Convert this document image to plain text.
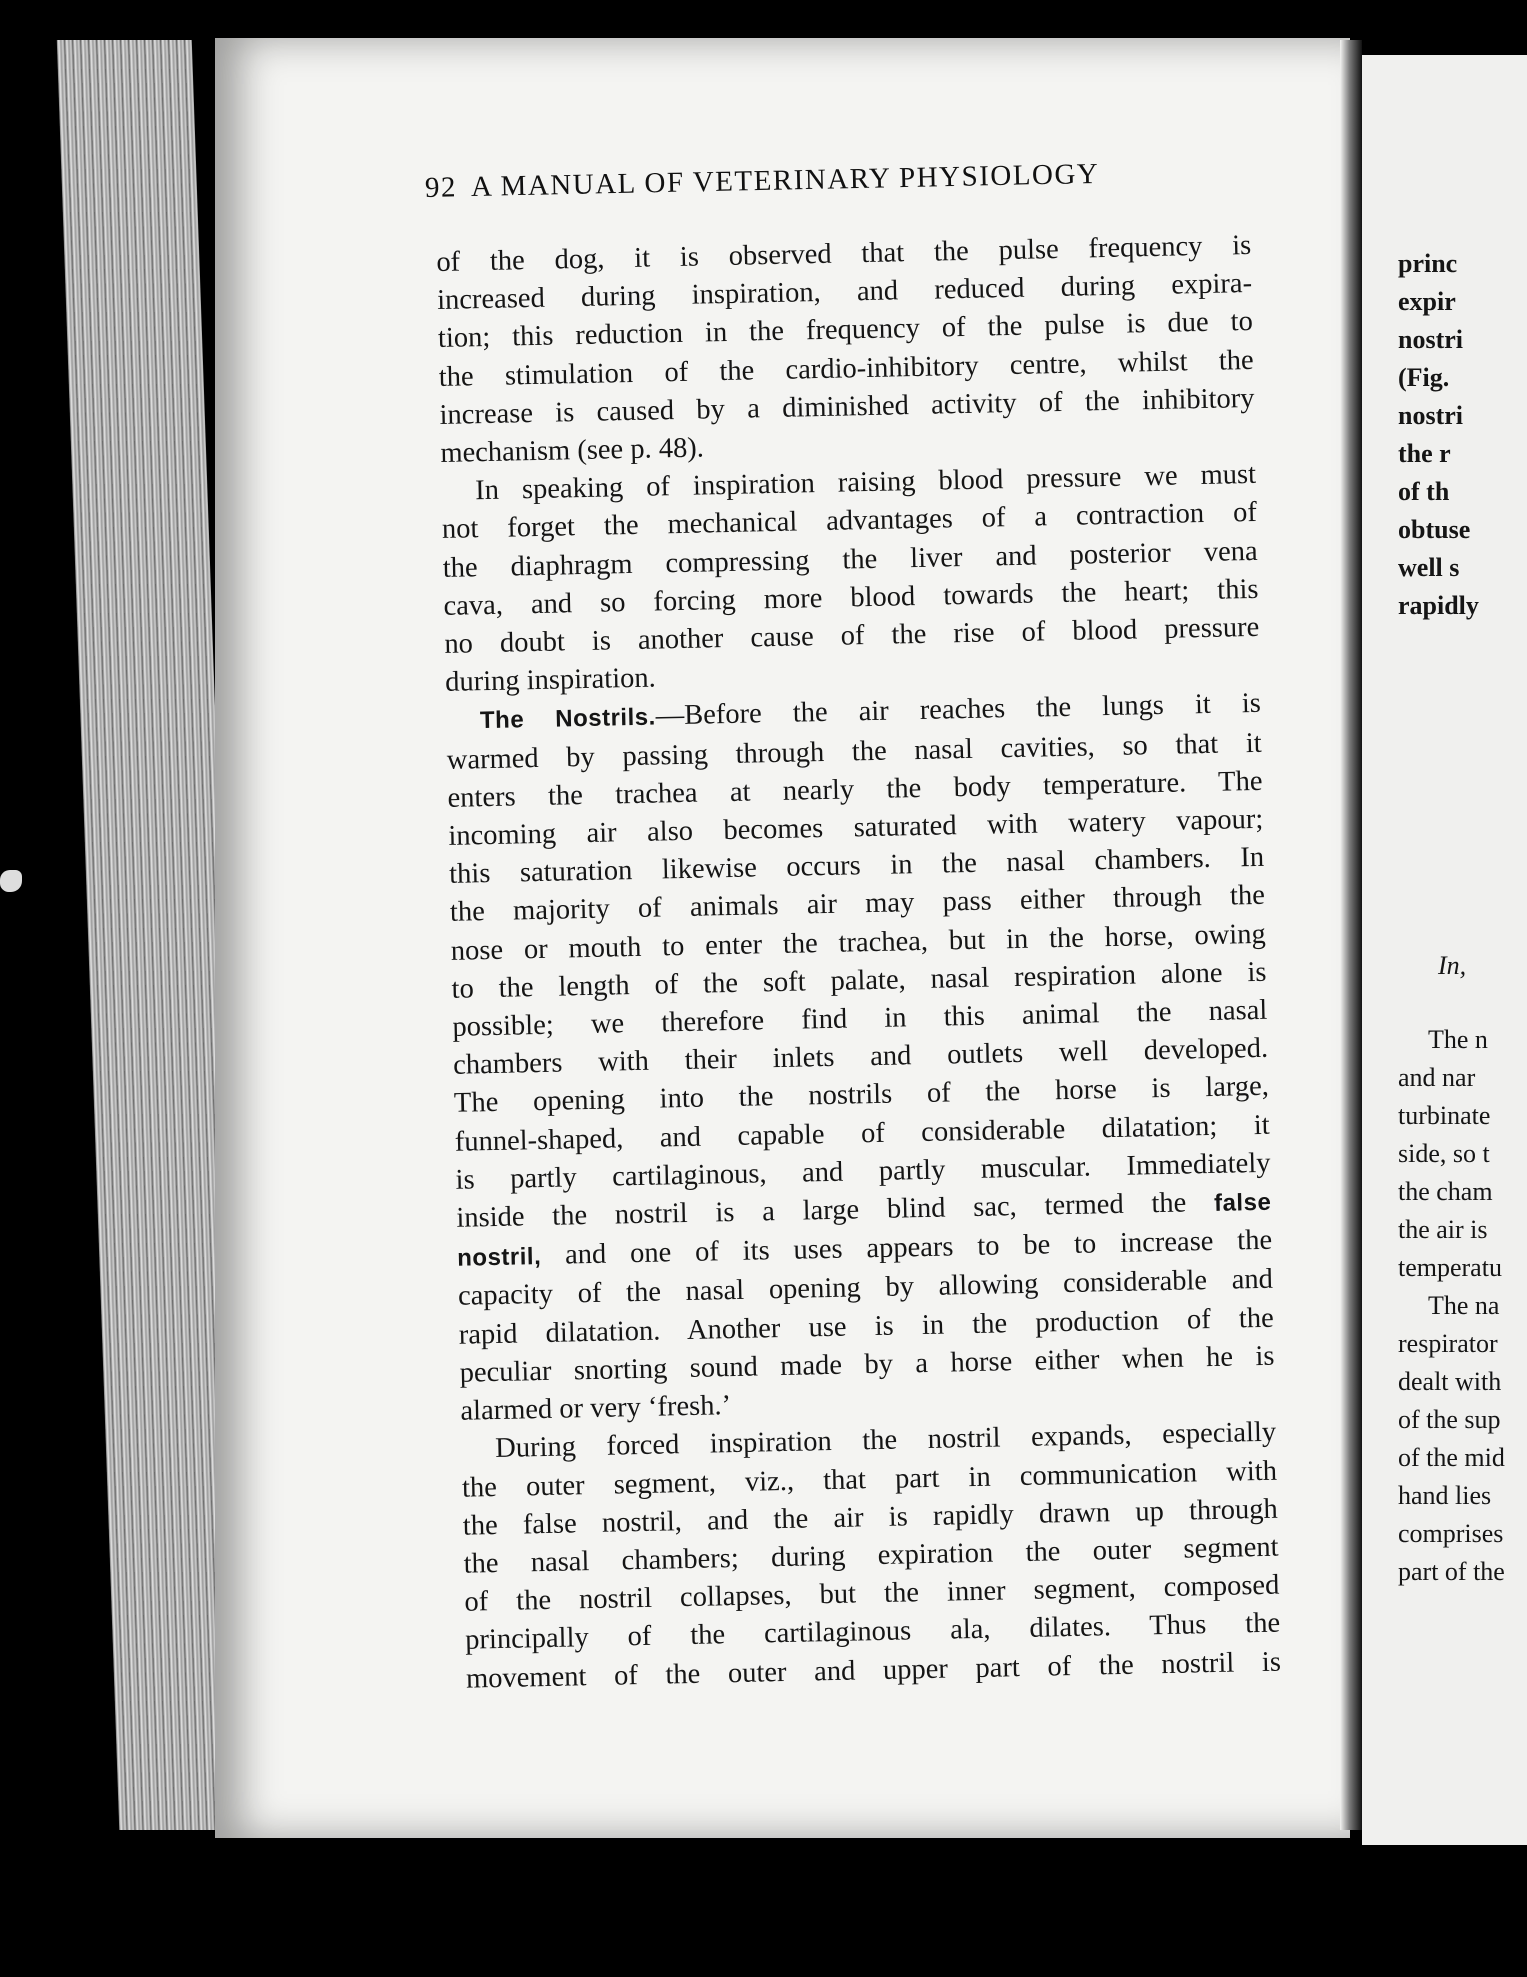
92 A MANUAL OF VETERINARY PHYSIOLOGY
of the dog, it is observed that the pulse frequency is
increased during inspiration, and reduced during expira-
tion; this reduction in the frequency of the pulse is due to
the stimulation of the cardio-inhibitory centre, whilst the
increase is caused by a diminished activity of the inhibitory
mechanism (see p. 48).
In speaking of inspiration raising blood pressure we must
not forget the mechanical advantages of a contraction of
the diaphragm compressing the liver and posterior vena
cava, and so forcing more blood towards the heart; this
no doubt is another cause of the rise of blood pressure
during inspiration.
The Nostrils.—Before the air reaches the lungs it is
warmed by passing through the nasal cavities, so that it
enters the trachea at nearly the body temperature. The
incoming air also becomes saturated with watery vapour;
this saturation likewise occurs in the nasal chambers. In
the majority of animals air may pass either through the
nose or mouth to enter the trachea, but in the horse, owing
to the length of the soft palate, nasal respiration alone is
possible; we therefore find in this animal the nasal
chambers with their inlets and outlets well developed.
The opening into the nostrils of the horse is large,
funnel-shaped, and capable of considerable dilatation; it
is partly cartilaginous, and partly muscular. Immediately
inside the nostril is a large blind sac, termed the false
nostril, and one of its uses appears to be to increase the
capacity of the nasal opening by allowing considerable and
rapid dilatation. Another use is in the production of the
peculiar snorting sound made by a horse either when he is
alarmed or very ‘fresh.’
During forced inspiration the nostril expands, especially
the outer segment, viz., that part in communication with
the false nostril, and the air is rapidly drawn up through
the nasal chambers; during expiration the outer segment
of the nostril collapses, but the inner segment, composed
principally of the cartilaginous ala, dilates. Thus the
movement of the outer and upper part of the nostril is
princ
expir
nostri
(Fig.
nostri
the r
of th
obtuse
well s
rapidly
In,
The n
and nar
turbinate
side, so t
the cham
the air is
temperatu
The na
respirator
dealt with
of the sup
of the mid
hand lies
comprises
part of the
